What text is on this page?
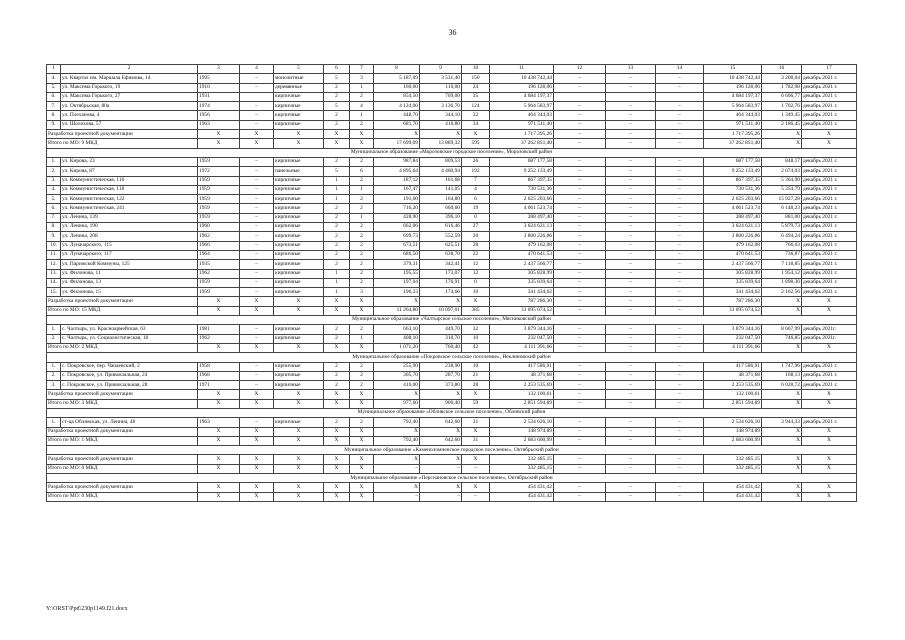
36
1	2	3	4	5	6	7	8	9	10	11	12	13	14	15	16	17
4.	ул. Квартал им. Маршала Ефимова, 14	1995	–	монолитные	5	3	5 187,09	3 531,40	150	10 438 742,44	–	–	–	10 438 742,44	3 208,04	декабрь 2021 г.
5.	ул. Максима Горького, 19	1910	–	деревянные	2	1	160,00	110,00	24	196 128,06	–	–	–	196 128,06	1 782,98	декабрь 2021 г.
6.	ул. Максима Горького, 27	1931		кирпичные	2	2	854,50	709,00	35	4 684 197,37				4 684 197,37	6 606,77	декабрь 2021 г.
7.	ул. Октябрьская, 80а	1974	–	кирпичные	5	4	4 124,00	3 136,70	124	5 964 583,97	–	–	–	5 964 583,97	1 702,76	декабрь 2021 г.
8.	ул. Плеханова, 4	1956	–	кирпичные	2	1	448,70	344,10	32	464 344,03	–	–	–	464 344,03	1 349,45	декабрь 2021 г.
9.	ул. Шолохова, 57	1963	–	кирпичные	2	2	681,70	416,80	34	971 511,40	–	–	–	971 511,40	2 186,45	декабрь 2021 г.
Разработка проектной документации		X	X	X	X	X	X	X	X	1 717 395,26	–	–	–	1 717 395,26	X	X
Итого по МО: 9 МКД		X	X	X	X	X	17 699,09	13 889,32	595	37 262 851,40	–	–	–	37 262 851,40	X	X
Муниципальное образование «Морозовское городское поселение», Морозовский район																
1.	ул. Кирова, 23	1959	–	кирпичные	2	2	987,84	809,53	26	687 177,58	–	–	–	687 177,58	848,17	декабрь 2021 г.
2.	ул. Кирова, 87	1972	–	панельные	5	6	4 895,64	4 460,94	192	9 252 133,49	–	–	–	9 252 133,49	2 074,03	декабрь 2021 г.
3.	ул. Коммунистическая, 116	1959	–	кирпичные	1	2	187,12	161,68	7	867 397,35	–	–	–	867 397,35	5 364,90	декабрь 2021 г.
4.	ул. Коммунистическая, 118	1959	–	кирпичные	1	1	167,47	141,05	4	730 531,36	–	–	–	730 531,36	5 354,79	декабрь 2021 г.
5.	ул. Коммунистическая, 122	1959	–	кирпичные	1	2	191,60	164,80	6	2 625 203,66	–	–	–	2 625 203,66	15 927,28	декабрь 2021 г.
6.	ул. Коммунистическая, 241	1959	–	кирпичные	2	2	716,20	660,60	19	4 061 523,74	–	–	–	4 061 523,74	6 148,23	декабрь 2021 г.
7.	ул. Ленина, 139	1959	–	кирпичные	2	1	428,90	396,10	0	288 497,40	–	–	–	288 497,40	881,00	декабрь 2021 г.
8.	ул. Ленина, 190	1960	–	кирпичные	2	2	662,06	616,46	27	3 624 621,13	–	–	–	3 624 621,13	5 879,73	декабрь 2021 г.
9.	ул. Ленина, 208	1962	–	кирпичные	2	2	699,73	552,59	20	3 800 226,86	–	–	–	3 800 226,86	6 494,24	декабрь 2021 г.
10.	ул. Луначарского, 115	1966	–	кирпичные	2	2	673,51	625,51	28	479 162,08	–	–	–	479 162,08	766,03	декабрь 2021 г.
11.	ул. Луначарского, 117	1964	–	кирпичные	2	2	686,50	638,70	22	470 641,53	–	–	–	470 641,53	736,87	декабрь 2021 г.
12.	ул. Парижской Коммуны, 125	1935	–	кирпичные	2	2	379,31	342,41	12	2 437 566,77	–	–	–	2 437 566,77	7 118,85	декабрь 2021 г.
13.	ул. Филонова, 11	1962	–	кирпичные	1	2	195,55	173,07	12	305 828,99	–	–	–	305 828,99	1 954,12	декабрь 2021 г.
14.	ул. Филонова, 13	1959	–	кирпичные	1	2	197,04	176,91	0	335 839,64	–	–	–	335 839,64	1 898,36	декабрь 2021 г.
15.	ул. Филонова, 15	1959	–	кирпичные	1	3	196,33	174,66	10	341 434,62	–	–	–	341 434,62	2 162,56	декабрь 2021 г.
Разработка проектной документации		X	X	X	X	X	X	X	X	787 286,30	–	–	–	787 286,30	X	X
Итого по МО: 15 МКД		X	X	X	X	X	11 264,80	10 097,01	385	31 095 074,52	–	–	–	31 095 074,52	X	X
Муниципальное образование «Чалтырское сельское поселение», Мясниковский район																
1.	с. Чалтырь, ул. Красноармейская, 63	1981	–	кирпичные	2	2	663,10	449,70	32	3 879 344,16	–	–	–	3 879 344,16	8 667,99	декабрь 2021г.
2.	с. Чалтырь, ул. Социалистическая, 18	1962	–	кирпичные	2	1	408,10	310,70	10	232 047,50	–	–	–	232 047,50	746,85	декабрь 2021г.
Итого по МО: 2 МКД		X	X	X	X	X	1 071,20	760,40	42	4 111 391,66	–	–	–	4 111 391,66	X	X
Муниципальное образование «Покровское сельское поселение», Неклиновский район																
1.	с. Покровское, пер. Чапаевский, 2	1958	–	кирпичные	2	2	255,90	238,90	10	417 586,91	–	–	–	417 586,91	1 747,96	декабрь 2021 г.
2.	с. Покровское, ул. Привокзальная, 24	1968	–	кирпичные	2	2	305,70	287,70	21	48 371,68	–	–	–	48 371,68	168,13	декабрь 2021 г.
3.	с. Покровское, ул. Привокзальная, 28	1971	–	кирпичные	2	2	416,00	373,80	28	2 253 535,69	–	–	–	2 253 535,69	6 028,72	декабрь 2021 г.
Разработка проектной документации		X	X	X	X	X	X	X	X	132 100,61	–	–	–	132 100,61	X	X
Итого по МО: 3 МКД		X	X	X	X	X	977,60	900,40	59	2 851 594,89	–	–	–	2 851 594,89	X	X
Муниципальное образование «Обливское сельское поселение», Обливский район																
1.	ст-ца Обливская, ул. Ленина, 48	1963	–	кирпичные	2	2	792,40	642,60	31	2 534 626,10	–	–	–	2 534 626,10	3 944,33	декабрь 2021 г.
Разработка проектной документации		X	X	X	X	X	X	X	X	148 974,89	–	–	–	148 974,89	X	X
Итого по МО: 1 МКД		X	X	X	X	X	792,40	642,60	31	2 683 600,99	–	–	–	2 683 600,99	X	X
Муниципальное образование «Каменоломненское городское поселение», Октябрьский район																
Разработка проектной документации		X	X	X	X	X	X	X	X	332 485,15	–	–	–	332 485,15	X	X
Итого по МО: 0 МКД		X	X	X	X	X	–	–	–	332 485,15	–	–	–	332 485,15	X	X
Муниципальное образование «Персиановское сельское поселение», Октябрьский район																
Разработка проектной документации		X	X	X	X	X	X	X	X	454 431,42	–	–	–	454 431,42	X	X
Итого по МО: 0 МКД		X	X	X	X	X	–	–	–	454 431,42	–	–	–	454 431,42	X	X
Y:\ORST\Ppd\230p1149.f21.docx
